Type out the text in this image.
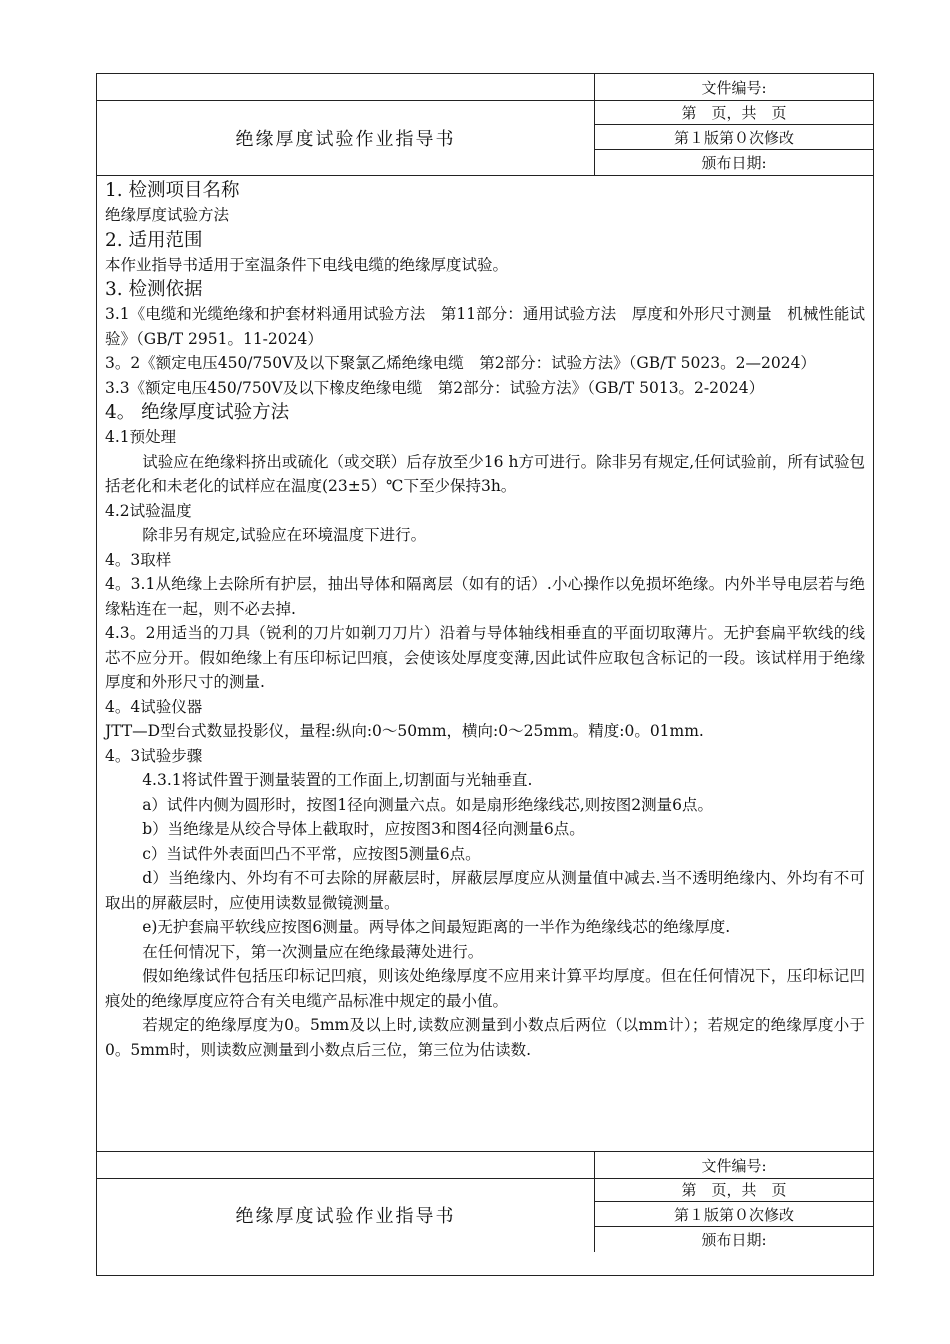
文件编号:
绝缘厚度试验作业指导书
第　页，共　页
第１版第０次修改
颁布日期:

1. 检测项目名称

绝缘厚度试验方法

2. 适用范围

本作业指导书适用于室温条件下电线电缆的绝缘厚度试验。

3. 检测依据

3.1《电缆和光缆绝缘和护套材料通用试验方法　第11部分：通用试验方法　厚度和外形尺寸测量　机械性能试验》（GB/T 2951。11-2024）

3。2《额定电压450/750V及以下聚氯乙烯绝缘电缆　第2部分：试验方法》（GB/T 5023。2—2024）

3.3《额定电压450/750V及以下橡皮绝缘电缆　第2部分：试验方法》（GB/T 5013。2-2024）

4。 绝缘厚度试验方法

4.1预处理

试验应在绝缘料挤出或硫化（或交联）后存放至少16 h方可进行。除非另有规定,任何试验前，所有试验包括老化和未老化的试样应在温度(23±5）℃下至少保持3h。

4.2试验温度

除非另有规定,试验应在环境温度下进行。

4。3取样

4。3.1从绝缘上去除所有护层，抽出导体和隔离层（如有的话）.小心操作以免损坏绝缘。内外半导电层若与绝缘粘连在一起，则不必去掉.

4.3。2用适当的刀具（锐利的刀片如剃刀刀片）沿着与导体轴线相垂直的平面切取薄片。无护套扁平软线的线芯不应分开。假如绝缘上有压印标记凹痕，会使该处厚度变薄,因此试件应取包含标记的一段。该试样用于绝缘厚度和外形尺寸的测量.

4。4试验仪器

JTT—D型台式数显投影仪，量程:纵向:0～50mm，横向:0～25mm。精度:0。01mm.

4。3试验步骤

4.3.1将试件置于测量装置的工作面上,切割面与光轴垂直.

a）试件内侧为圆形时，按图1径向测量六点。如是扇形绝缘线芯,则按图2测量6点。

b）当绝缘是从绞合导体上截取时，应按图3和图4径向测量6点。

c）当试件外表面凹凸不平常，应按图5测量6点。

d）当绝缘内、外均有不可去除的屏蔽层时，屏蔽层厚度应从测量值中减去.当不透明绝缘内、外均有不可取出的屏蔽层时，应使用读数显微镜测量。

e)无护套扁平软线应按图6测量。两导体之间最短距离的一半作为绝缘线芯的绝缘厚度.

在任何情况下，第一次测量应在绝缘最薄处进行。

假如绝缘试件包括压印标记凹痕，则该处绝缘厚度不应用来计算平均厚度。但在任何情况下，压印标记凹痕处的绝缘厚度应符合有关电缆产品标准中规定的最小值。

若规定的绝缘厚度为0。5mm及以上时,读数应测量到小数点后两位（以mm计）；若规定的绝缘厚度小于0。5mm时，则读数应测量到小数点后三位，第三位为估读数.

文件编号:
绝缘厚度试验作业指导书
第　页，共　页
第１版第０次修改
颁布日期:
